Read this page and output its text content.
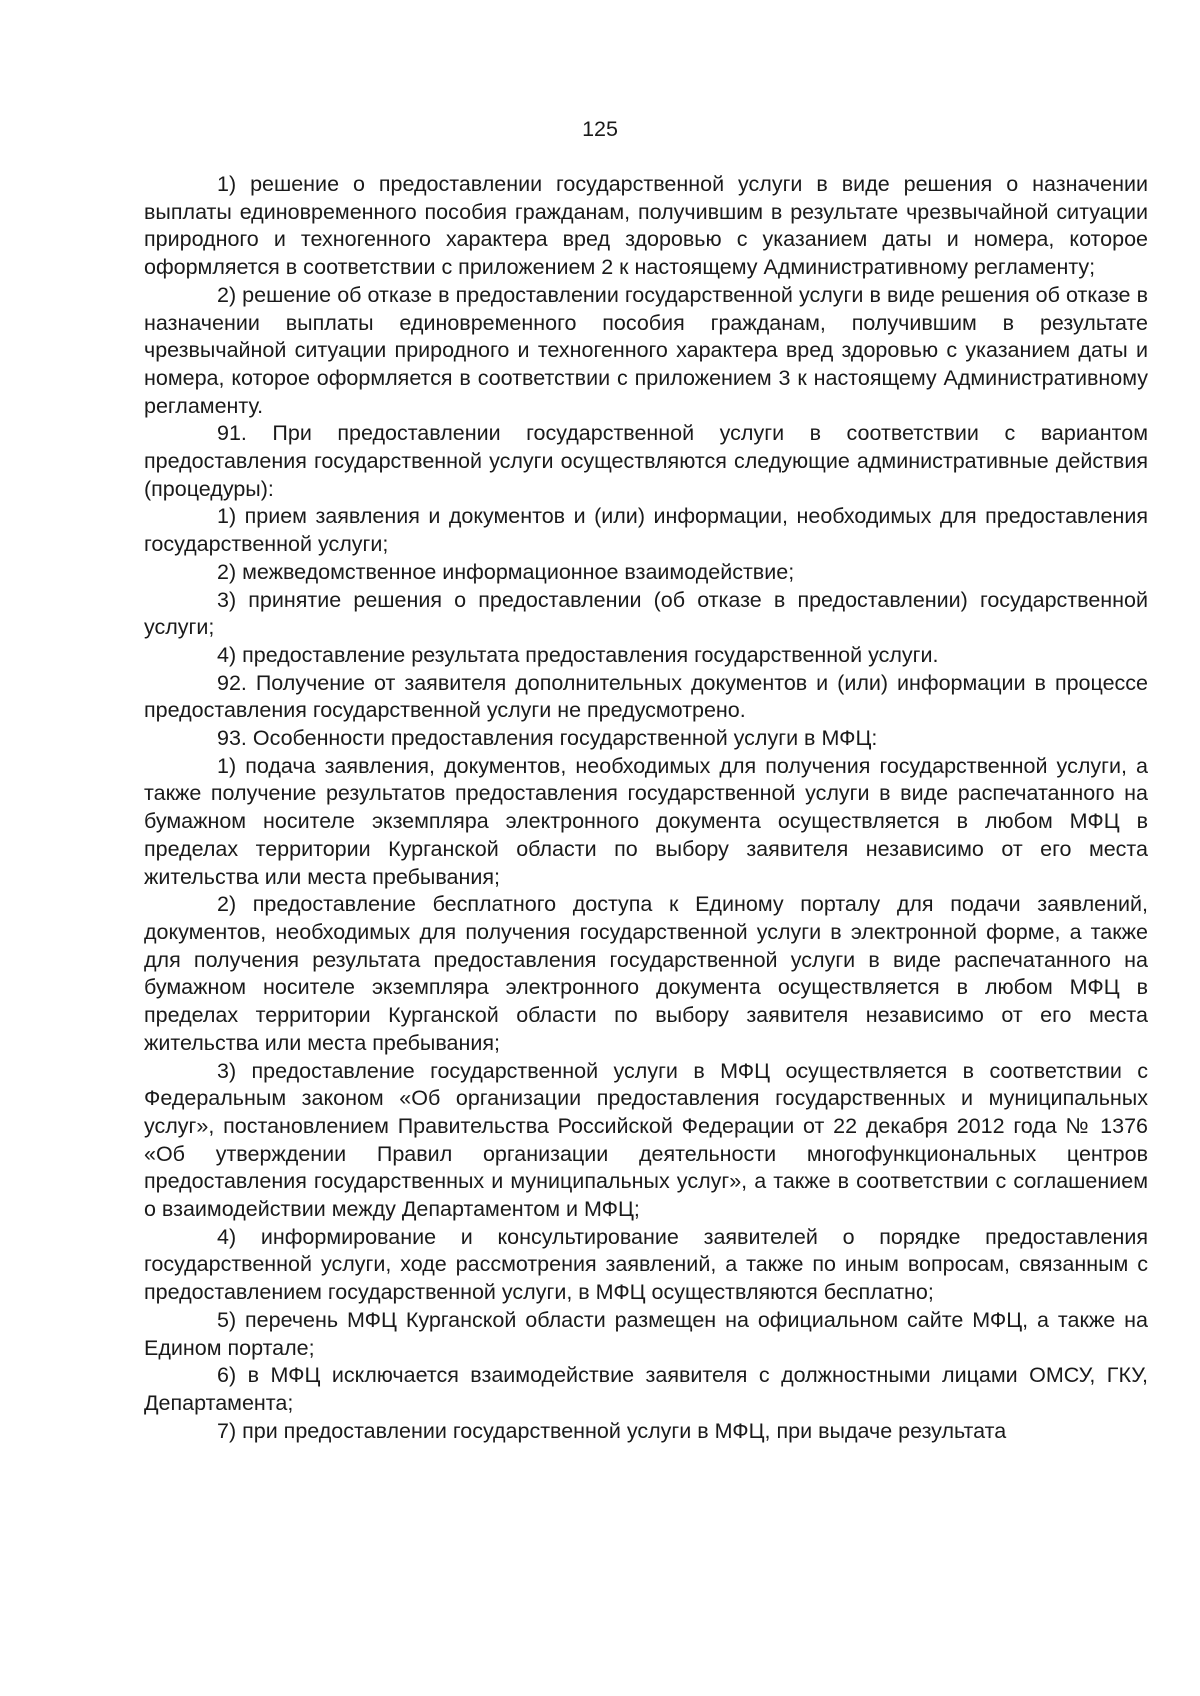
125

1) решение о предоставлении государственной услуги в виде решения о назначении выплаты единовременного пособия гражданам, получившим в результате чрезвычайной ситуации природного и техногенного характера вред здоровью с указанием даты и номера, которое оформляется в соответствии с приложением 2 к настоящему Административному регламенту;

2) решение об отказе в предоставлении государственной услуги в виде решения об отказе в назначении выплаты единовременного пособия гражданам, получившим в результате чрезвычайной ситуации природного и техногенного характера вред здоровью с указанием даты и номера, которое оформляется в соответствии с приложением 3 к настоящему Административному регламенту.

91. При предоставлении государственной услуги в соответствии с вариантом предоставления государственной услуги осуществляются следующие административные действия (процедуры):

1) прием заявления и документов и (или) информации, необходимых для предоставления государственной услуги;

2) межведомственное информационное взаимодействие;

3) принятие решения о предоставлении (об отказе в предоставлении) государственной услуги;

4) предоставление результата предоставления государственной услуги.

92. Получение от заявителя дополнительных документов и (или) информации в процессе предоставления государственной услуги не предусмотрено.

93. Особенности предоставления государственной услуги в МФЦ:

1) подача заявления, документов, необходимых для получения государственной услуги, а также получение результатов предоставления государственной услуги в виде распечатанного на бумажном носителе экземпляра электронного документа осуществляется в любом МФЦ в пределах территории Курганской области по выбору заявителя независимо от его места жительства или места пребывания;

2) предоставление бесплатного доступа к Единому порталу для подачи заявлений, документов, необходимых для получения государственной услуги в электронной форме, а также для получения результата предоставления государственной услуги в виде распечатанного на бумажном носителе экземпляра электронного документа осуществляется в любом МФЦ в пределах территории Курганской области по выбору заявителя независимо от его места жительства или места пребывания;

3) предоставление государственной услуги в МФЦ осуществляется в соответствии с Федеральным законом «Об организации предоставления государственных и муниципальных услуг», постановлением Правительства Российской Федерации от 22 декабря 2012 года № 1376 «Об утверждении Правил организации деятельности многофункциональных центров предоставления государственных и муниципальных услуг», а также в соответствии с соглашением о взаимодействии между Департаментом и МФЦ;

4) информирование и консультирование заявителей о порядке предоставления государственной услуги, ходе рассмотрения заявлений, а также по иным вопросам, связанным с предоставлением государственной услуги, в МФЦ осуществляются бесплатно;

5) перечень МФЦ Курганской области размещен на официальном сайте МФЦ, а также на Едином портале;

6) в МФЦ исключается взаимодействие заявителя с должностными лицами ОМСУ, ГКУ, Департамента;

7) при предоставлении государственной услуги в МФЦ, при выдаче результата
